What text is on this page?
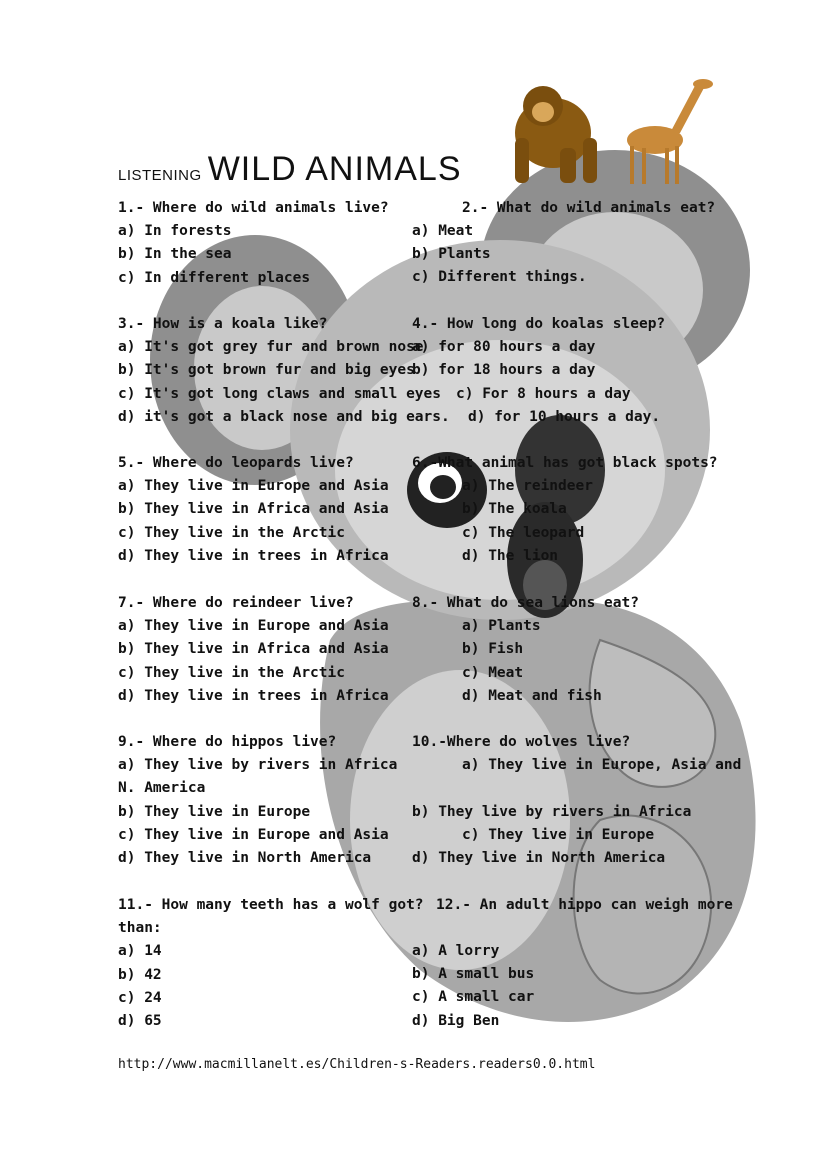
LISTENING WILD ANIMALS
1.- Where do wild animals live?
a) In forests
b) In the sea
c) In different places
3.- How is a koala like?
a) It's got grey fur and brown nose
b) It's got brown fur and big eyes
c) It's got long claws and small eyes
d) it's got a black nose and big ears.
5.- Where do leopards live?
a) They live in Europe and Asia
b) They live in Africa and Asia
c) They live in the Arctic
d) They live in trees in Africa
7.- Where do reindeer live?
a) They live in Europe and Asia
b) They live in Africa and Asia
c) They live in the Arctic
d) They live in trees in Africa
9.- Where do hippos live?
a) They live by rivers in Africa
N. America
b) They live in Europe
c) They live in Europe and Asia
d) They live in North America
11.- How many teeth has a wolf got?
than:
a) 14
b) 42
c) 24
d) 65
2.- What do wild animals eat?
a) Meat
b) Plants
c) Different things.
4.- How long do koalas sleep?
a) for 80 hours a day
b) for 18 hours a day
c) For 8 hours a day
d) for 10 hours a day.
6.-What animal has got black spots?
a) The reindeer
b) The koala
c) The leopard
d) The lion
8.- What do sea lions eat?
a) Plants
b) Fish
c) Meat
d) Meat and fish
10.-Where do wolves live?
a) They live in Europe, Asia and

b) They live by rivers in Africa
c) They live in Europe
d) They live in North America
12.- An adult hippo can weigh more
a) A lorry
b) A small bus
c) A small car
d) Big Ben
http://www.macmillanelt.es/Children-s-Readers.readers0.0.html
